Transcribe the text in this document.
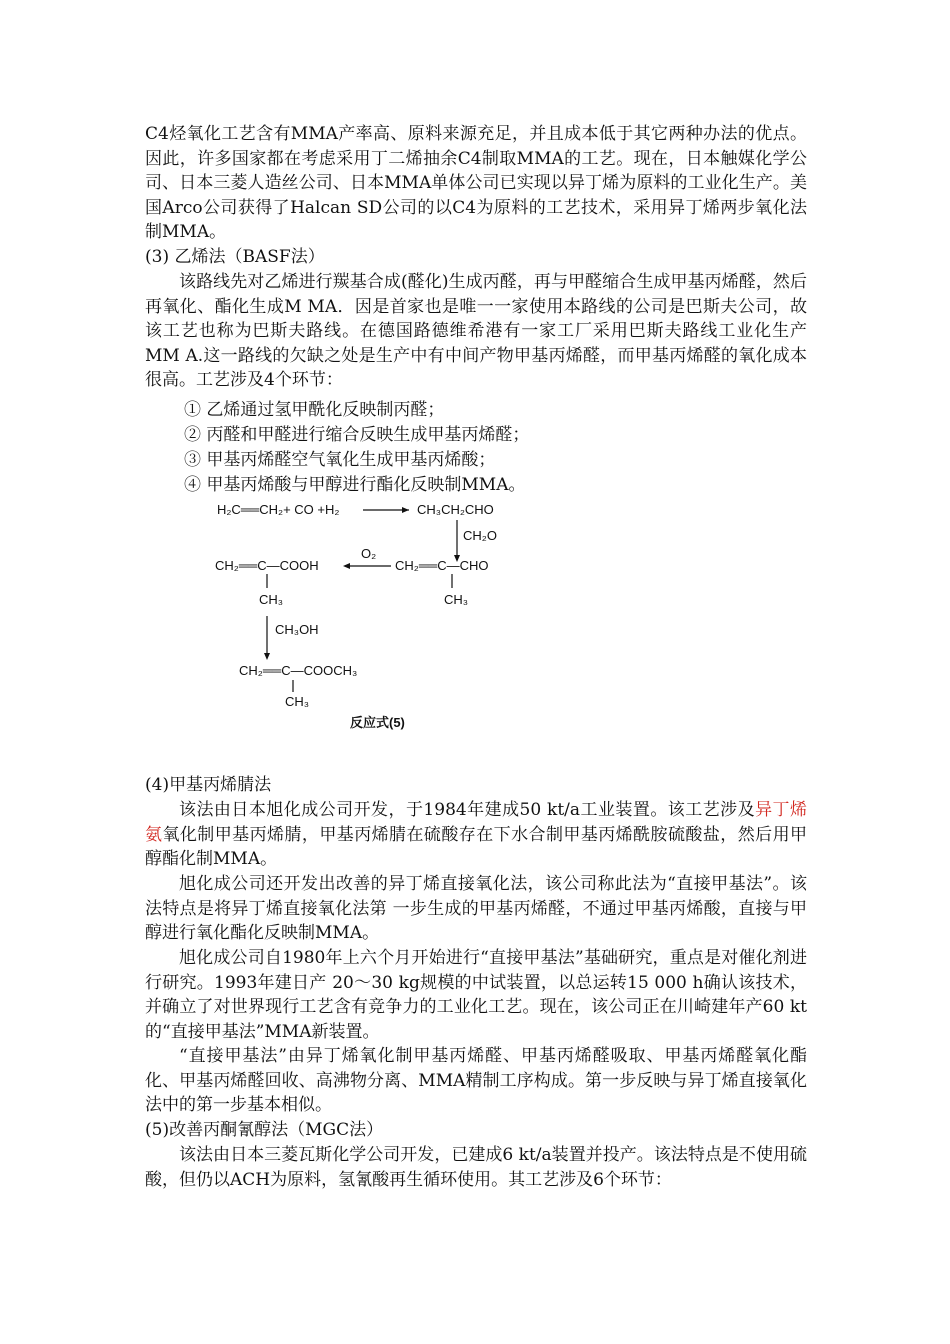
C4烃氧化工艺含有MMA产率高、原料来源充足，并且成本低于其它两种办法的优点。因此，许多国家都在考虑采用丁二烯抽余C4制取MMA的工艺。现在，日本触媒化学公司、日本三菱人造丝公司、日本MMA单体公司已实现以异丁烯为原料的工业化生产。美国Arco公司获得了Halcan SD公司的以C4为原料的工艺技术，采用异丁烯两步氧化法制MMA。

(3) 乙烯法（BASF法）

该路线先对乙烯进行羰基合成(醛化)生成丙醛，再与甲醛缩合生成甲基丙烯醛，然后再氧化、酯化生成M MA．因是首家也是唯一一家使用本路线的公司是巴斯夫公司，故该工艺也称为巴斯夫路线。在德国路德维希港有一家工厂采用巴斯夫路线工业化生产MM A.这一路线的欠缺之处是生产中有中间产物甲基丙烯醛，而甲基丙烯醛的氧化成本很高。工艺涉及4个环节：

① 乙烯通过氢甲酰化反映制丙醛；
② 丙醛和甲醛进行缩合反映生成甲基丙烯醛；
③ 甲基丙烯醛空气氧化生成甲基丙烯酸；
④ 甲基丙烯酸与甲醇进行酯化反映制MMA。
H₂C══CH₂+ CO +H₂	CH₃CH₂CHO
CH₂O
CH₂══C—COOH
O₂
CH₂══C—CHO
CH₃	CH₃
CH₃OH
CH₂══C—COOCH₃
CH₃
反应式(5)

(4)甲基丙烯腈法

该法由日本旭化成公司开发，于1984年建成50 kt/a工业装置。该工艺涉及异丁烯氨氧化制甲基丙烯腈，甲基丙烯腈在硫酸存在下水合制甲基丙烯酰胺硫酸盐，然后用甲醇酯化制MMA。

旭化成公司还开发出改善的异丁烯直接氧化法，该公司称此法为“直接甲基法”。该法特点是将异丁烯直接氧化法第 一步生成的甲基丙烯醛，不通过甲基丙烯酸，直接与甲醇进行氧化酯化反映制MMA。

旭化成公司自1980年上六个月开始进行“直接甲基法”基础研究，重点是对催化剂进行研究。1993年建日产 20～30 kg规模的中试装置，以总运转15 000 h确认该技术，并确立了对世界现行工艺含有竞争力的工业化工艺。现在，该公司正在川崎建年产60 kt的“直接甲基法”MMA新装置。

“直接甲基法”由异丁烯氧化制甲基丙烯醛、甲基丙烯醛吸取、甲基丙烯醛氧化酯化、甲基丙烯醛回收、高沸物分离、MMA精制工序构成。第一步反映与异丁烯直接氧化法中的第一步基本相似。

(5)改善丙酮氰醇法（MGC法）

该法由日本三菱瓦斯化学公司开发，已建成6 kt/a装置并投产。该法特点是不使用硫酸，但仍以ACH为原料，氢氰酸再生循环使用。其工艺涉及6个环节：
